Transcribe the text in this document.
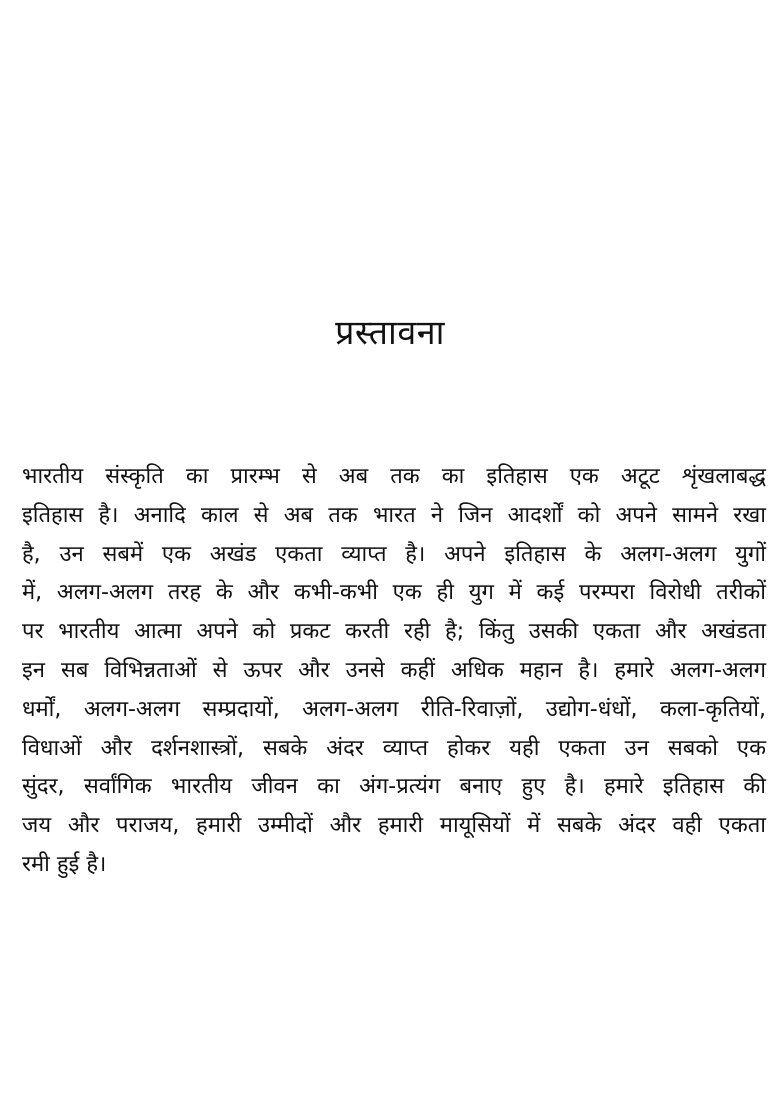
प्रस्तावना
भारतीय संस्कृति का प्रारम्भ से अब तक का इतिहास एक अटूट शृंखलाबद्ध
इतिहास है। अनादि काल से अब तक भारत ने जिन आदर्शों को अपने सामने रखा
है, उन सबमें एक अखंड एकता व्याप्त है। अपने इतिहास के अलग-अलग युगों
में, अलग-अलग तरह के और कभी-कभी एक ही युग में कई परम्परा विरोधी तरीकों
पर भारतीय आत्मा अपने को प्रकट करती रही है; किंतु उसकी एकता और अखंडता
इन सब विभिन्नताओं से ऊपर और उनसे कहीं अधिक महान है। हमारे अलग-अलग
धर्मों, अलग-अलग सम्प्रदायों, अलग-अलग रीति-रिवाज़ों, उद्योग-धंधों, कला-कृतियों,
विधाओं और दर्शनशास्त्रों, सबके अंदर व्याप्त होकर यही एकता उन सबको एक
सुंदर, सर्वांगिक भारतीय जीवन का अंग-प्रत्यंग बनाए हुए है। हमारे इतिहास की
जय और पराजय, हमारी उम्मीदों और हमारी मायूसियों में सबके अंदर वही एकता
रमी हुई है।
